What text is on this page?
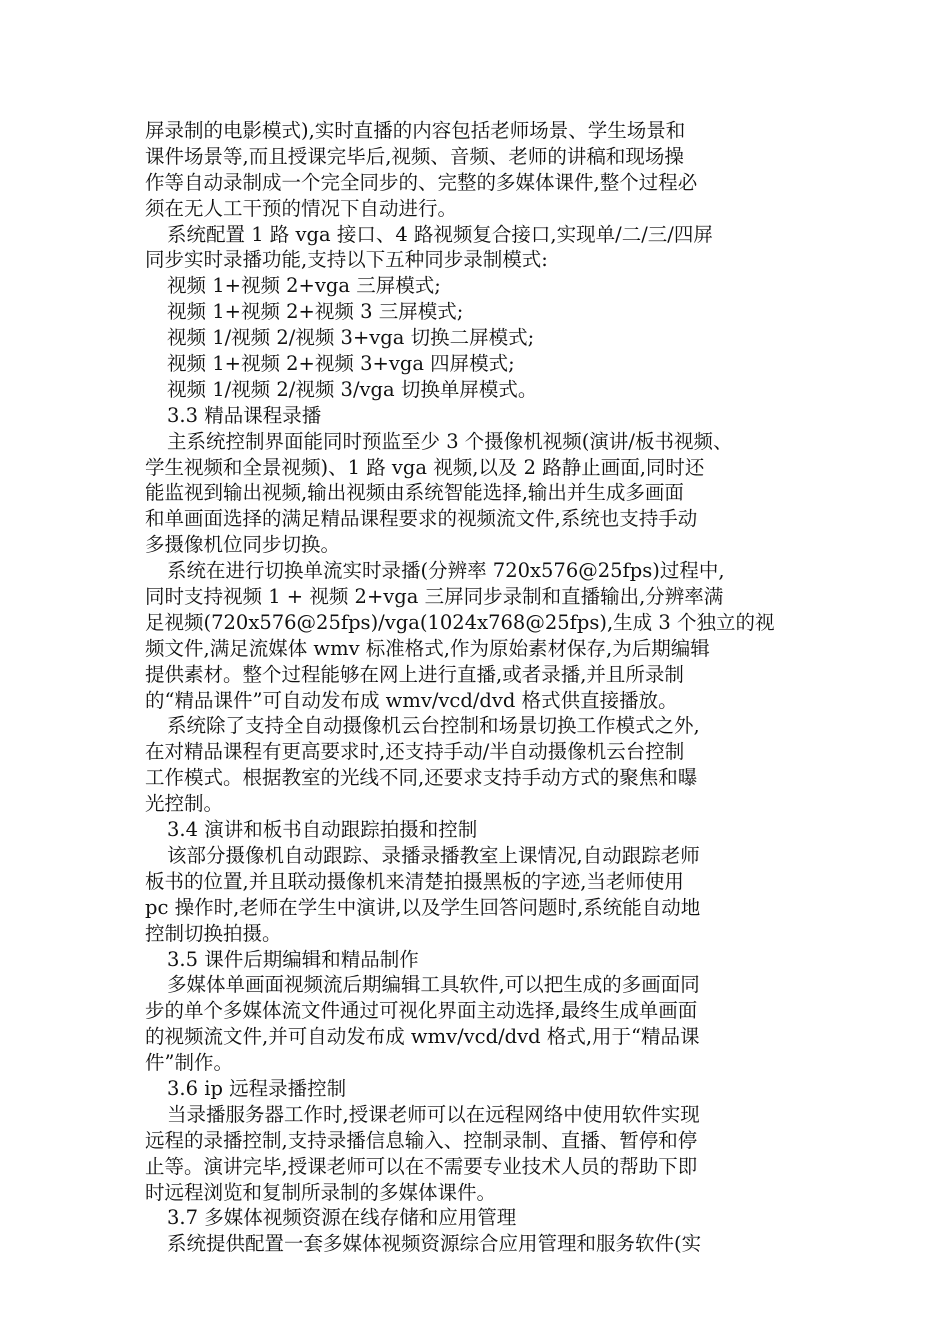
屏录制的电影模式),实时直播的内容包括老师场景、学生场景和
课件场景等,而且授课完毕后,视频、音频、老师的讲稿和现场操
作等自动录制成一个完全同步的、完整的多媒体课件,整个过程必
须在无人工干预的情况下自动进行。
系统配置 1 路 vga 接口、4 路视频复合接口,实现单/二/三/四屏
同步实时录播功能,支持以下五种同步录制模式:
视频 1+视频 2+vga 三屏模式;
视频 1+视频 2+视频 3 三屏模式;
视频 1/视频 2/视频 3+vga 切换二屏模式;
视频 1+视频 2+视频 3+vga 四屏模式;
视频 1/视频 2/视频 3/vga 切换单屏模式。
3.3 精品课程录播
主系统控制界面能同时预监至少 3 个摄像机视频(演讲/板书视频、
学生视频和全景视频)、1 路 vga 视频,以及 2 路静止画面,同时还
能监视到输出视频,输出视频由系统智能选择,输出并生成多画面
和单画面选择的满足精品课程要求的视频流文件,系统也支持手动
多摄像机位同步切换。
系统在进行切换单流实时录播(分辨率 720x576@25fps)过程中,
同时支持视频 1 + 视频 2+vga 三屏同步录制和直播输出,分辨率满
足视频(720x576@25fps)/vga(1024x768@25fps),生成 3 个独立的视
频文件,满足流媒体 wmv 标准格式,作为原始素材保存,为后期编辑
提供素材。整个过程能够在网上进行直播,或者录播,并且所录制
的“精品课件”可自动发布成 wmv/vcd/dvd 格式供直接播放。
系统除了支持全自动摄像机云台控制和场景切换工作模式之外,
在对精品课程有更高要求时,还支持手动/半自动摄像机云台控制
工作模式。根据教室的光线不同,还要求支持手动方式的聚焦和曝
光控制。
3.4 演讲和板书自动跟踪拍摄和控制
该部分摄像机自动跟踪、录播录播教室上课情况,自动跟踪老师
板书的位置,并且联动摄像机来清楚拍摄黑板的字迹,当老师使用
pc 操作时,老师在学生中演讲,以及学生回答问题时,系统能自动地
控制切换拍摄。
3.5 课件后期编辑和精品制作
多媒体单画面视频流后期编辑工具软件,可以把生成的多画面同
步的单个多媒体流文件通过可视化界面主动选择,最终生成单画面
的视频流文件,并可自动发布成 wmv/vcd/dvd 格式,用于“精品课
件”制作。
3.6 ip 远程录播控制
当录播服务器工作时,授课老师可以在远程网络中使用软件实现
远程的录播控制,支持录播信息输入、控制录制、直播、暂停和停
止等。演讲完毕,授课老师可以在不需要专业技术人员的帮助下即
时远程浏览和复制所录制的多媒体课件。
3.7 多媒体视频资源在线存储和应用管理
系统提供配置一套多媒体视频资源综合应用管理和服务软件(实
